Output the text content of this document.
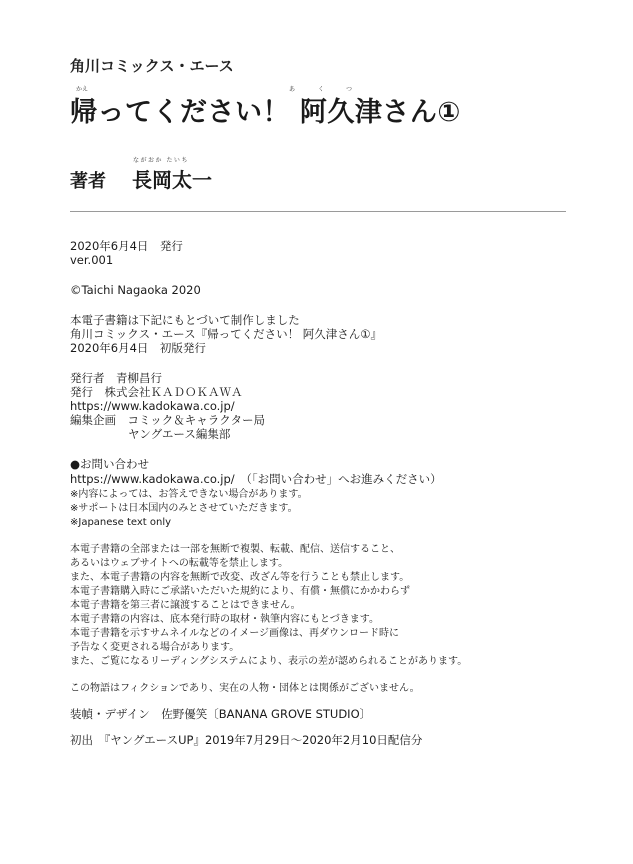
角川コミックス・エース
かえ	あ	く	つ
帰ってください！ 阿久津さん①
ながおか たいち
著者 長岡太一
2020年6月4日　発行
ver.001
©Taichi Nagaoka 2020
本電子書籍は下記にもとづいて制作しました
角川コミックス・エース『帰ってください！ 阿久津さん①』
2020年6月4日　初版発行
発行者　青柳昌行
発行　株式会社ＫＡＤＯＫＡＷＡ
https://www.kadokawa.co.jp/
編集企画　コミック＆キャラクター局
ヤングエース編集部
●お問い合わせ
https://www.kadokawa.co.jp/　（「お問い合わせ」へお進みください）
※内容によっては、お答えできない場合があります。
※サポートは日本国内のみとさせていただきます。
※Japanese text only
本電子書籍の全部または一部を無断で複製、転載、配信、送信すること、
あるいはウェブサイトへの転載等を禁止します。
また、本電子書籍の内容を無断で改変、改ざん等を行うことも禁止します。
本電子書籍購入時にご承諾いただいた規約により、有償・無償にかかわらず
本電子書籍を第三者に譲渡することはできません。
本電子書籍の内容は、底本発行時の取材・執筆内容にもとづきます。
本電子書籍を示すサムネイルなどのイメージ画像は、再ダウンロード時に
予告なく変更される場合があります。
また、ご覧になるリーディングシステムにより、表示の差が認められることがあります。
この物語はフィクションであり、実在の人物・団体とは関係がございません。
装幀・デザイン　佐野優笑〔BANANA GROVE STUDIO〕
初出　『ヤングエースUP』2019年7月29日～2020年2月10日配信分
